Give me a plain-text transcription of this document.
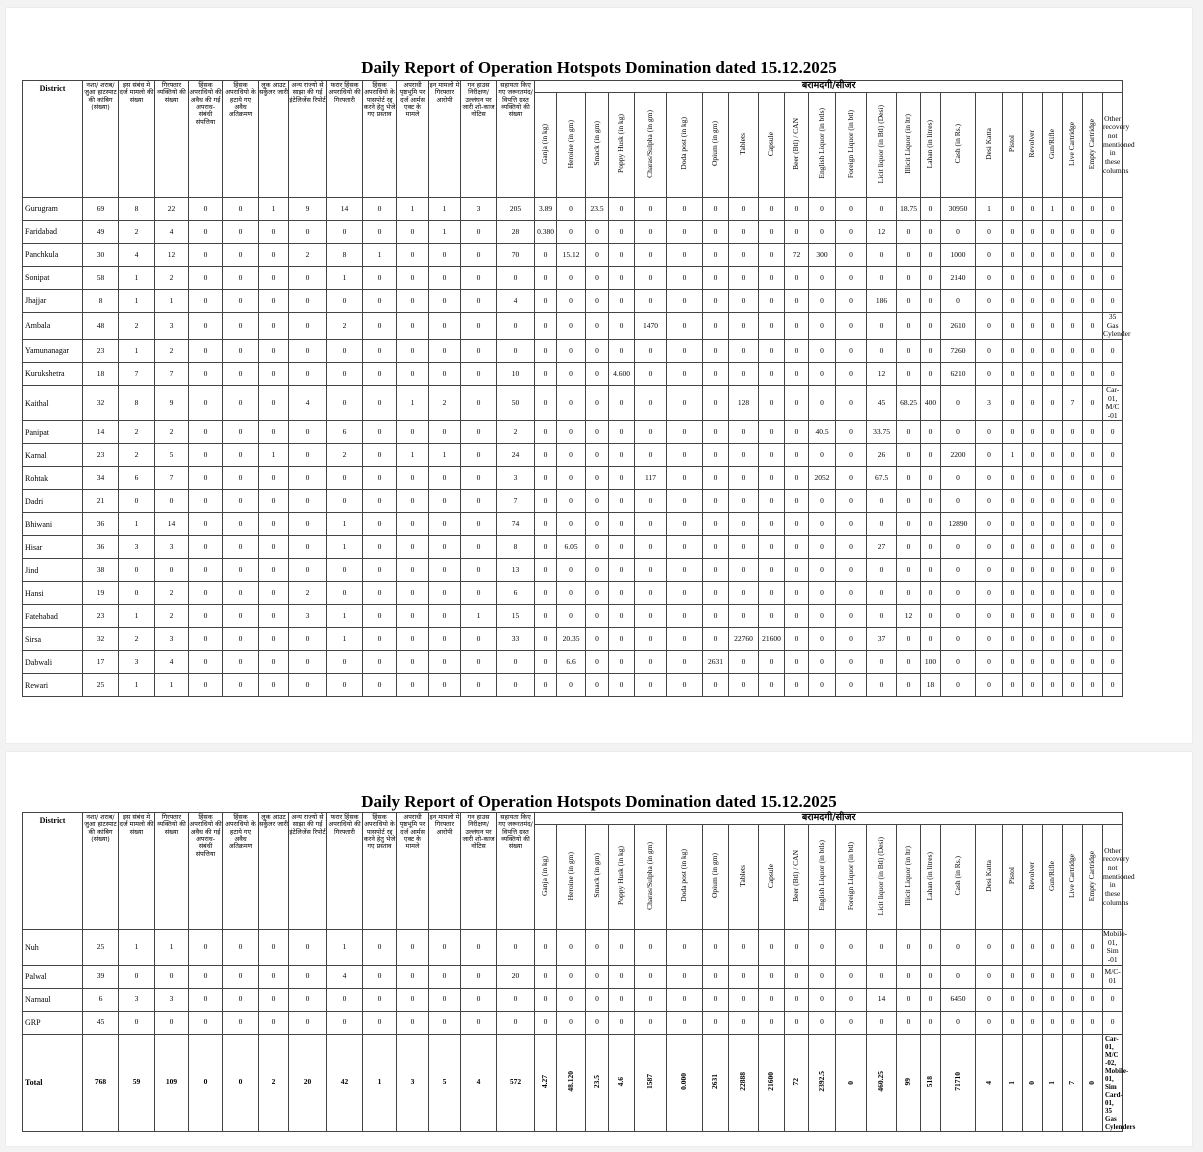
Daily Report of Operation Hotspots Domination dated 15.12.2025
District	नशा/ शराब/ जुआ हाटस्पाट की कांबिग (संख्या)	इस संबंध मे दर्ज मामलो की संख्या	गिरफ्तार व्यक्तियो की संख्या	हिंसक अपराधियो की अवैध की गई अपराध- संबंधी संपत्तिया	हिंसक अपराधियो के हटाये गए अवैध अतिक्रमण	लुक आउट सर्कुलर जारी	अन्य राज्यो से साझा की गई इंटेलिजेंस रिपोर्ट	फरार हिंसक अपराधियो की गिरफ्तारी	हिंसक अपराधियो के पासपोर्ट रद्द करने हेतु भेजे गए प्रस्ताव	अपराधी पृष्ठभूमि पर दर्ज आर्मस एक्ट के मामले	इन मामलो मे गिरफ्तार आरोपी	गन हाउस निरीक्षण/ उल्लंघन पर जारी शो-काज नोटिस	सहायता किए गए जरूरतमंद/ विपत्ति ग्रस्त व्यक्तियो की संख्या	बरामदगी/सीजर																						
														Ganja (in kg)	Heroine (in gm)	Smack (in gm)	Poppy Husk (in kg)	Charas/Sulpha (in gm)	Doda post (in kg)	Opium (in gm)	Tablets	Capsule	Beer (Btl) / CAN	English Liquor (in btls)	Foreign Liquor (in btl)	Licit liquor (in Btl) (Desi)	Illicit Liquor (in ltr)	Lahan (in litres)	Cash (in Rs.)	Desi Katta	Pistol	Revolver	Gun/Rifle	Live Cartridge	Empty Cartridge	Other recovery not mentioned in these columns
Gurugram	69	8	22	0	0	1	9	14	0	1	1	3	205	3.89	0	23.5	0	0	0	0	0	0	0	0	0	0	18.75	0	30950	1	0	0	1	0	0	0
Faridabad	49	2	4	0	0	0	0	0	0	0	1	0	28	0.380	0	0	0	0	0	0	0	0	0	0	0	12	0	0	0	0	0	0	0	0	0	0
Panchkula	30	4	12	0	0	0	2	8	1	0	0	0	70	0	15.12	0	0	0	0	0	0	0	72	300	0	0	0	0	1000	0	0	0	0	0	0	0
Sonipat	58	1	2	0	0	0	0	1	0	0	0	0	0	0	0	0	0	0	0	0	0	0	0	0	0	0	0	0	2140	0	0	0	0	0	0	0
Jhajjar	8	1	1	0	0	0	0	0	0	0	0	0	4	0	0	0	0	0	0	0	0	0	0	0	0	186	0	0	0	0	0	0	0	0	0	0
Ambala	48	2	3	0	0	0	0	2	0	0	0	0	0	0	0	0	0	1470	0	0	0	0	0	0	0	0	0	0	2610	0	0	0	0	0	0	35 Gas Cylender
Yamunanagar	23	1	2	0	0	0	0	0	0	0	0	0	0	0	0	0	0	0	0	0	0	0	0	0	0	0	0	0	7260	0	0	0	0	0	0	0
Kurukshetra	18	7	7	0	0	0	0	0	0	0	0	0	10	0	0	0	4.600	0	0	0	0	0	0	0	0	12	0	0	6210	0	0	0	0	0	0	0
Kaithal	32	8	9	0	0	0	4	0	0	1	2	0	50	0	0	0	0	0	0	0	128	0	0	0	0	45	68.25	400	0	3	0	0	0	7	0	Car-01, M/C -01
Panipat	14	2	2	0	0	0	0	6	0	0	0	0	2	0	0	0	0	0	0	0	0	0	0	40.5	0	33.75	0	0	0	0	0	0	0	0	0	0
Karnal	23	2	5	0	0	1	0	2	0	1	1	0	24	0	0	0	0	0	0	0	0	0	0	0	0	26	0	0	2200	0	1	0	0	0	0	0
Rohtak	34	6	7	0	0	0	0	0	0	0	0	0	3	0	0	0	0	117	0	0	0	0	0	2052	0	67.5	0	0	0	0	0	0	0	0	0	0
Dadri	21	0	0	0	0	0	0	0	0	0	0	0	7	0	0	0	0	0	0	0	0	0	0	0	0	0	0	0	0	0	0	0	0	0	0	0
Bhiwani	36	1	14	0	0	0	0	1	0	0	0	0	74	0	0	0	0	0	0	0	0	0	0	0	0	0	0	0	12890	0	0	0	0	0	0	0
Hisar	36	3	3	0	0	0	0	1	0	0	0	0	8	0	6.05	0	0	0	0	0	0	0	0	0	0	27	0	0	0	0	0	0	0	0	0	0
Jind	38	0	0	0	0	0	0	0	0	0	0	0	13	0	0	0	0	0	0	0	0	0	0	0	0	0	0	0	0	0	0	0	0	0	0	0
Hansi	19	0	2	0	0	0	2	0	0	0	0	0	6	0	0	0	0	0	0	0	0	0	0	0	0	0	0	0	0	0	0	0	0	0	0	0
Fatehabad	23	1	2	0	0	0	3	1	0	0	0	1	15	0	0	0	0	0	0	0	0	0	0	0	0	0	12	0	0	0	0	0	0	0	0	0
Sirsa	32	2	3	0	0	0	0	1	0	0	0	0	33	0	20.35	0	0	0	0	0	22760	21600	0	0	0	37	0	0	0	0	0	0	0	0	0	0
Dabwali	17	3	4	0	0	0	0	0	0	0	0	0	0	0	6.6	0	0	0	0	2631	0	0	0	0	0	0	0	100	0	0	0	0	0	0	0	0
Rewari	25	1	1	0	0	0	0	0	0	0	0	0	0	0	0	0	0	0	0	0	0	0	0	0	0	0	0	18	0	0	0	0	0	0	0	0
Daily Report of Operation Hotspots Domination dated 15.12.2025
District	नशा/ शराब/ जुआ हाटस्पाट की कांबिग (संख्या)	इस संबंध मे दर्ज मामलो की संख्या	गिरफ्तार व्यक्तियो की संख्या	हिंसक अपराधियो की अवैध की गई अपराध- संबंधी संपत्तिया	हिंसक अपराधियो के हटाये गए अवैध अतिक्रमण	लुक आउट सर्कुलर जारी	अन्य राज्यो से साझा की गई इंटेलिजेंस रिपोर्ट	फरार हिंसक अपराधियो की गिरफ्तारी	हिंसक अपराधियो के पासपोर्ट रद्द करने हेतु भेजे गए प्रस्ताव	अपराधी पृष्ठभूमि पर दर्ज आर्मस एक्ट के मामले	इन मामलो मे गिरफ्तार आरोपी	गन हाउस निरीक्षण/ उल्लंघन पर जारी शो-काज नोटिस	सहायता किए गए जरूरतमंद/ विपत्ति ग्रस्त व्यक्तियो की संख्या	बरामदगी/सीजर																						
														Ganja (in kg)	Heroine (in gm)	Smack (in gm)	Poppy Husk (in kg)	Charas/Sulpha (in gm)	Doda post (in kg)	Opium (in gm)	Tablets	Capsule	Beer (Btl) / CAN	English Liquor (in btls)	Foreign Liquor (in btl)	Licit liquor (in Btl) (Desi)	Illicit Liquor (in ltr)	Lahan (in litres)	Cash (in Rs.)	Desi Katta	Pistol	Revolver	Gun/Rifle	Live Cartridge	Empty Cartridge	Other recovery not mentioned in these columns
Nuh	25	1	1	0	0	0	0	1	0	0	0	0	0	0	0	0	0	0	0	0	0	0	0	0	0	0	0	0	0	0	0	0	0	0	0	Mobile-01, Sim -01
Palwal	39	0	0	0	0	0	0	4	0	0	0	0	20	0	0	0	0	0	0	0	0	0	0	0	0	0	0	0	0	0	0	0	0	0	0	M/C-01
Narnaul	6	3	3	0	0	0	0	0	0	0	0	0	0	0	0	0	0	0	0	0	0	0	0	0	0	14	0	0	6450	0	0	0	0	0	0	0
GRP	45	0	0	0	0	0	0	0	0	0	0	0	0	0	0	0	0	0	0	0	0	0	0	0	0	0	0	0	0	0	0	0	0	0	0	0
Total	768	59	109	0	0	2	20	42	1	3	5	4	572	4.27	48.120	23.5	4.6	1587	0.000	2631	22888	21600	72	2392.5	0	460.25	99	518	71710	4	1	0	1	7	0	Car-01, M/C -02, Mobile-01, Sim Card-01, 35 Gas Cylenders
